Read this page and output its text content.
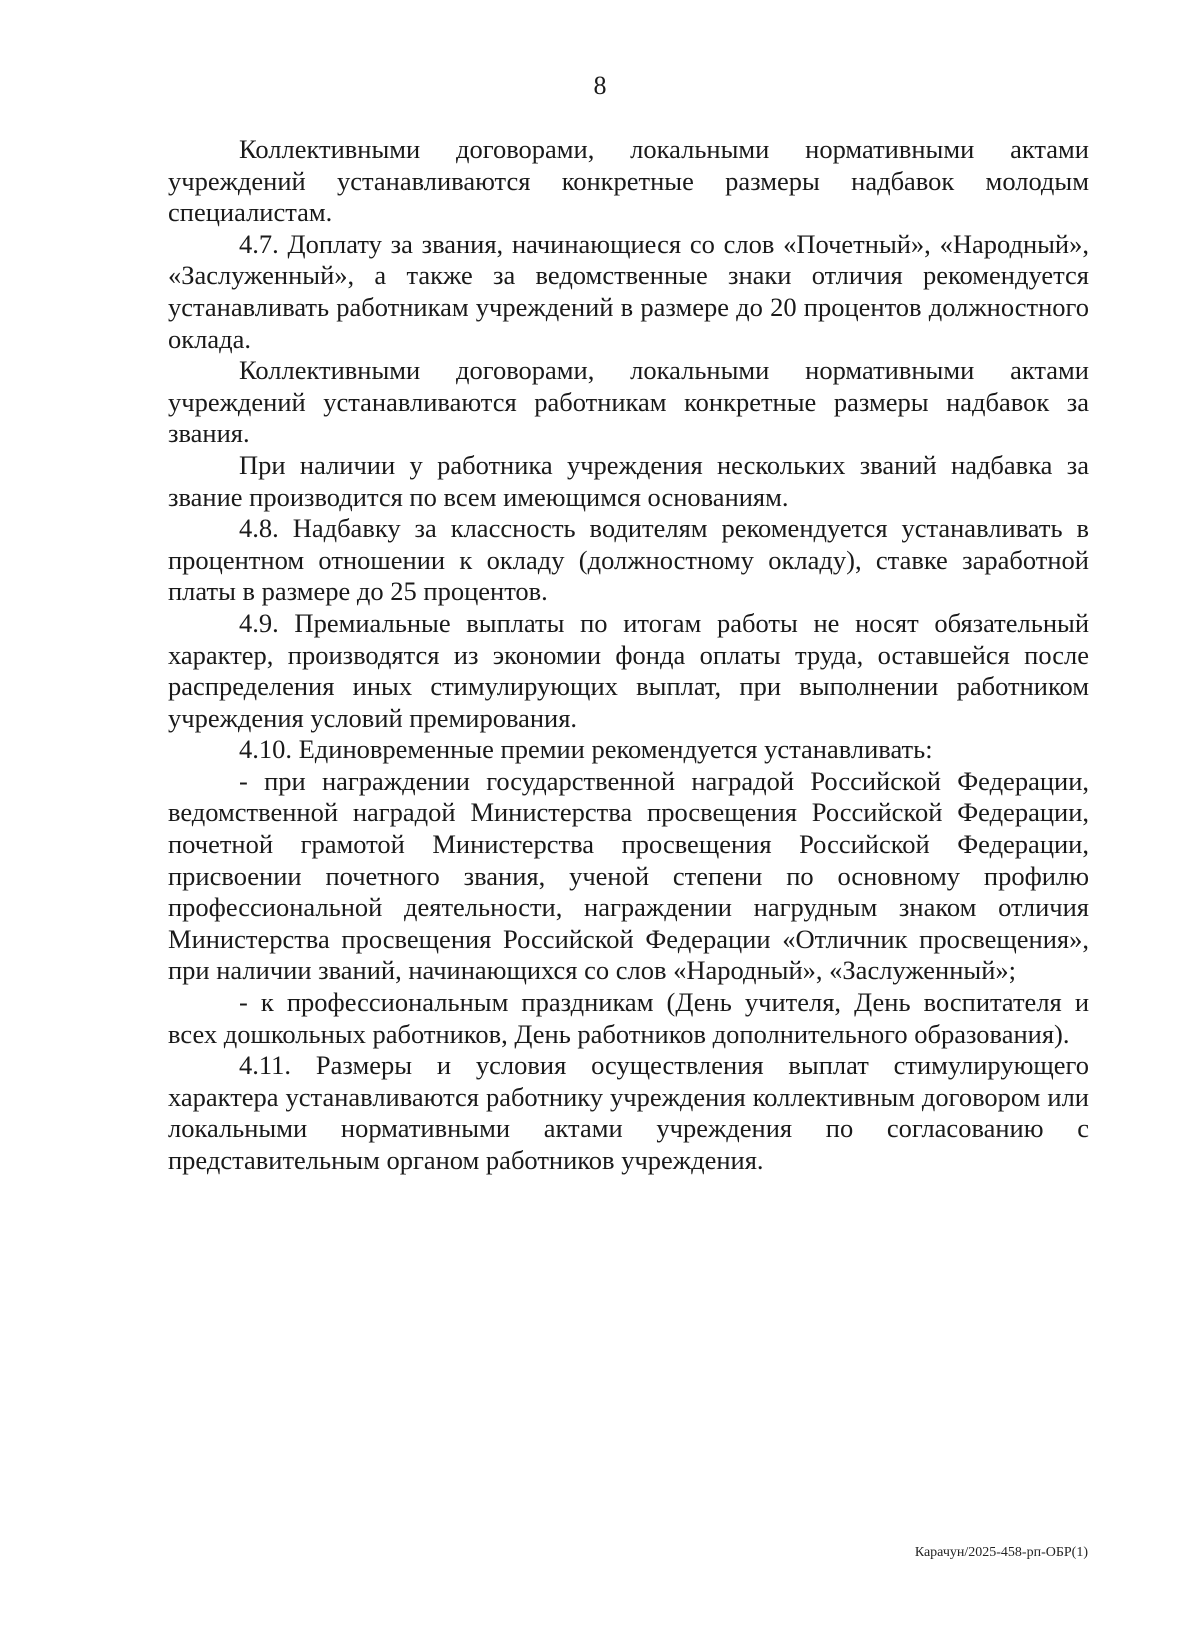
8

Коллективными договорами, локальными нормативными актами учреждений устанавливаются конкретные размеры надбавок молодым специалистам.

4.7. Доплату за звания, начинающиеся со слов «Почетный», «Народный», «Заслуженный», а также за ведомственные знаки отличия рекомендуется устанавливать работникам учреждений в размере до 20 процентов должностного оклада.

Коллективными договорами, локальными нормативными актами учреждений устанавливаются работникам конкретные размеры надбавок за звания.

При наличии у работника учреждения нескольких званий надбавка за звание производится по всем имеющимся основаниям.

4.8. Надбавку за классность водителям рекомендуется устанавливать в процентном отношении к окладу (должностному окладу), ставке заработной платы в размере до 25 процентов.

4.9. Премиальные выплаты по итогам работы не носят обязательный характер, производятся из экономии фонда оплаты труда, оставшейся после распределения иных стимулирующих выплат, при выполнении работником учреждения условий премирования.

4.10. Единовременные премии рекомендуется устанавливать:

- при награждении государственной наградой Российской Федерации, ведомственной наградой Министерства просвещения Российской Федерации, почетной грамотой Министерства просвещения Российской Федерации, присвоении почетного звания, ученой степени по основному профилю профессиональной деятельности, награждении нагрудным знаком отличия Министерства просвещения Российской Федерации «Отличник просвещения», при наличии званий, начинающихся со слов «Народный», «Заслуженный»;

- к профессиональным праздникам (День учителя, День воспитателя и всех дошкольных работников, День работников дополнительного образования).

4.11. Размеры и условия осуществления выплат стимулирующего характера устанавливаются работнику учреждения коллективным договором или локальными нормативными актами учреждения по согласованию с представительным органом работников учреждения.

Карачун/2025-458-рп-ОБР(1)
